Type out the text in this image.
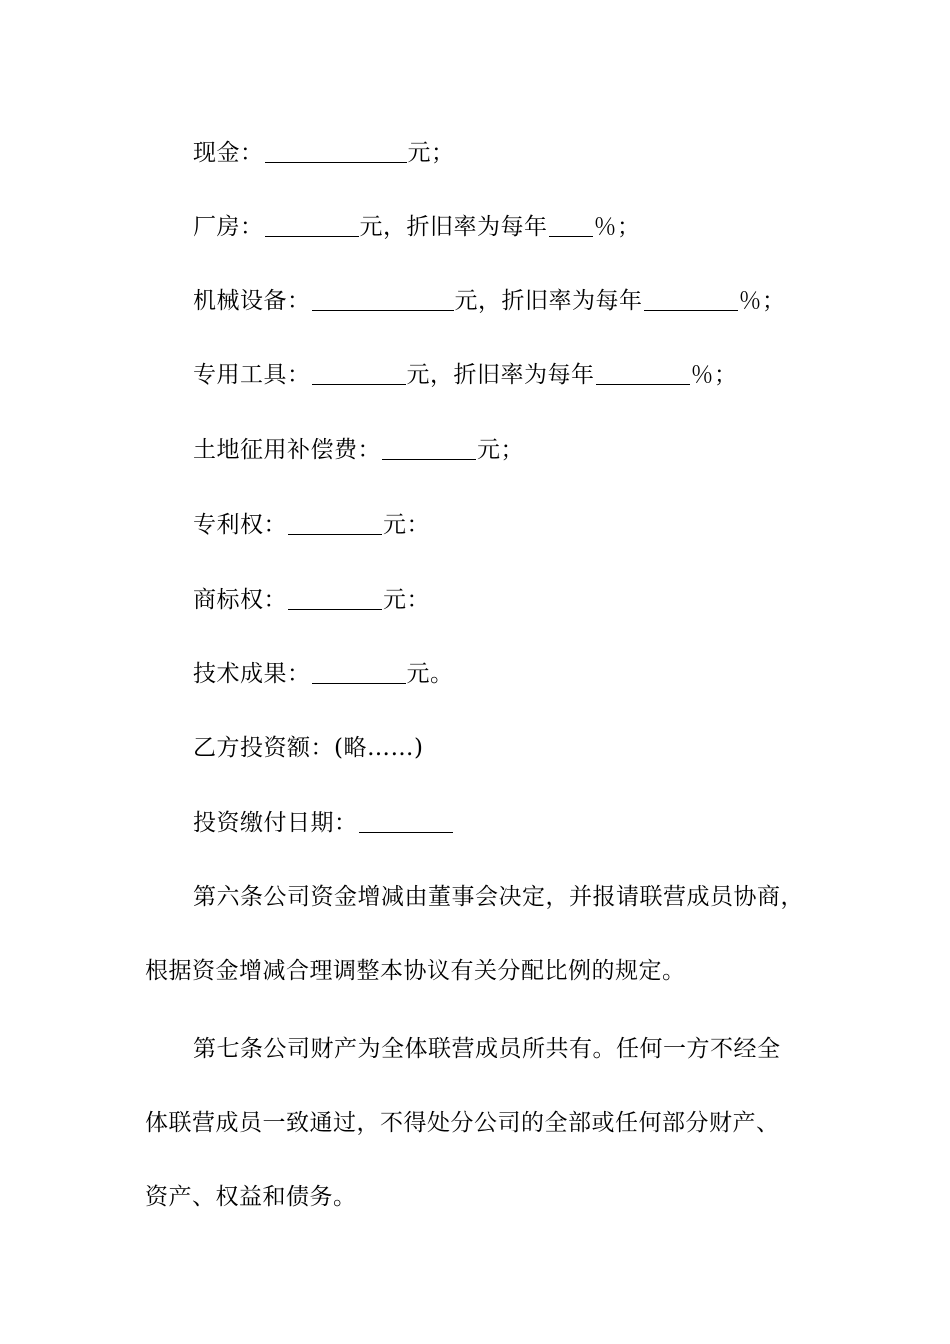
现金：	元；
厂房：	元，折旧率为每年 ％；
机械设备：	元，折旧率为每年	％；
专用工具：	元，折旧率为每年	％；
土地征用补偿费：	元；
专利权：	元：
商标权：	元：
技术成果：	元。
乙方投资额：(略……)
投资缴付日期：
第六条公司资金增减由董事会决定，并报请联营成员协商，
根据资金增减合理调整本协议有关分配比例的规定。
第七条公司财产为全体联营成员所共有。任何一方不经全
体联营成员一致通过，不得处分公司的全部或任何部分财产、
资产、权益和债务。
